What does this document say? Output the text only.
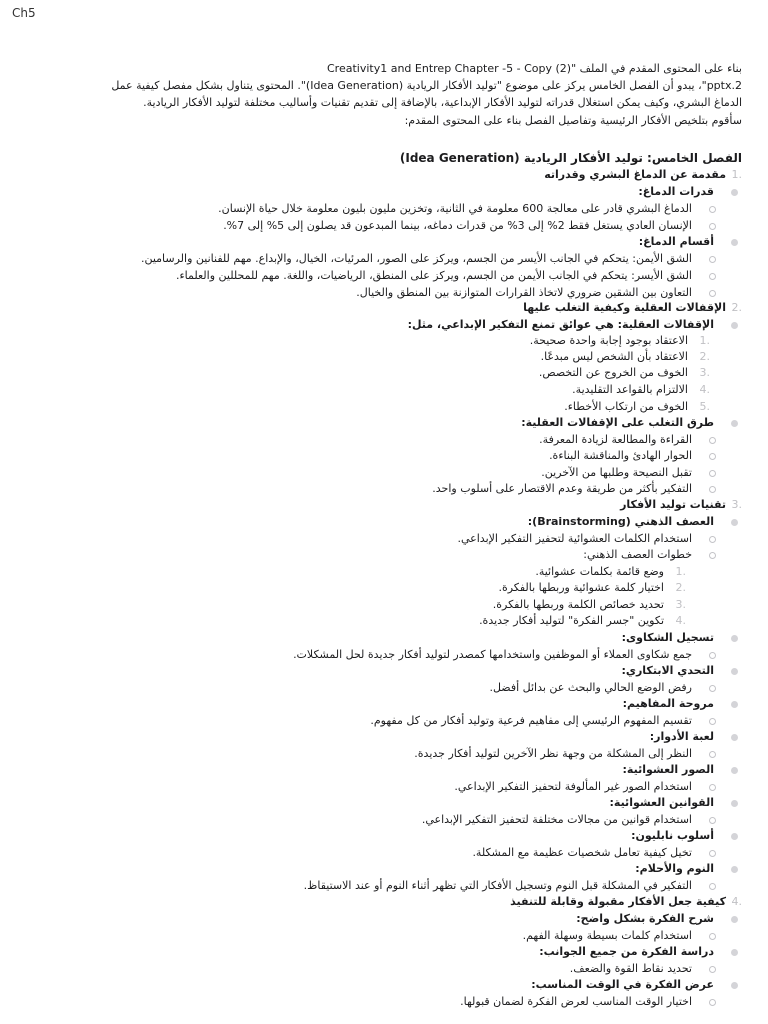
Ch5
بناء على المحتوى المقدم في الملف "Creativity1 and Entrep Chapter -5 - Copy (2)
2.pptx"، يبدو أن الفصل الخامس يركز على موضوع "توليد الأفكار الريادية (Idea Generation)". المحتوى يتناول بشكل مفصل كيفية عمل
الدماغ البشري، وكيف يمكن استغلال قدراته لتوليد الأفكار الإبداعية، بالإضافة إلى تقديم تقنيات وأساليب مختلفة لتوليد الأفكار الريادية.
سأقوم بتلخيص الأفكار الرئيسية وتفاصيل الفصل بناء على المحتوى المقدم:
الفصل الخامس: توليد الأفكار الريادية (Idea Generation)
مقدمة عن الدماغ البشري وقدراته 1.
قدرات الدماغ:
الدماغ البشري قادر على معالجة 600 معلومة في الثانية، وتخزين مليون بليون معلومة خلال حياة الإنسان.
الإنسان العادي يستغل فقط 2% إلى 3% من قدرات دماغه، بينما المبدعون قد يصلون إلى 5% إلى 7%.
أقسام الدماغ:
الشق الأيمن: يتحكم في الجانب الأيسر من الجسم، ويركز على الصور، المرئيات، الخيال، والإبداع. مهم للفنانين والرسامين.
الشق الأيسر: يتحكم في الجانب الأيمن من الجسم، ويركز على المنطق، الرياضيات، واللغة. مهم للمحللين والعلماء.
التعاون بين الشقين ضروري لاتخاذ القرارات المتوازنة بين المنطق والخيال.
الإقفالات العقلية وكيفية التغلب عليها 2.
الإقفالات العقلية: هي عوائق تمنع التفكير الإبداعي، مثل:
1.
الاعتقاد بوجود إجابة واحدة صحيحة.
2.
الاعتقاد بأن الشخص ليس مبدعًا.
3.
الخوف من الخروج عن التخصص.
4.
الالتزام بالقواعد التقليدية.
5.
الخوف من ارتكاب الأخطاء.
طرق التغلب على الإقفالات العقلية:
القراءة والمطالعة لزيادة المعرفة.
الحوار الهادئ والمناقشة البناءة.
تقبل النصيحة وطلبها من الآخرين.
التفكير بأكثر من طريقة وعدم الاقتصار على أسلوب واحد.
تقنيات توليد الأفكار 3.
العصف الذهني (Brainstorming):
استخدام الكلمات العشوائية لتحفيز التفكير الإبداعي.
خطوات العصف الذهني:
1.
وضع قائمة بكلمات عشوائية.
2.
اختيار كلمة عشوائية وربطها بالفكرة.
3.
تحديد خصائص الكلمة وربطها بالفكرة.
4.
تكوين "جسر الفكرة" لتوليد أفكار جديدة.
تسجيل الشكاوى:
جمع شكاوى العملاء أو الموظفين واستخدامها كمصدر لتوليد أفكار جديدة لحل المشكلات.
التحدي الابتكاري:
رفض الوضع الحالي والبحث عن بدائل أفضل.
مروحة المفاهيم:
تقسيم المفهوم الرئيسي إلى مفاهيم فرعية وتوليد أفكار من كل مفهوم.
لعبة الأدوار:
النظر إلى المشكلة من وجهة نظر الآخرين لتوليد أفكار جديدة.
الصور العشوائية:
استخدام الصور غير المألوفة لتحفيز التفكير الإبداعي.
القوانين العشوائية:
استخدام قوانين من مجالات مختلفة لتحفيز التفكير الإبداعي.
أسلوب نابليون:
تخيل كيفية تعامل شخصيات عظيمة مع المشكلة.
النوم والأحلام:
التفكير في المشكلة قبل النوم وتسجيل الأفكار التي تظهر أثناء النوم أو عند الاستيقاظ.
كيفية جعل الأفكار مقبولة وقابلة للتنفيذ 4.
شرح الفكرة بشكل واضح:
استخدام كلمات بسيطة وسهلة الفهم.
دراسة الفكرة من جميع الجوانب:
تحديد نقاط القوة والضعف.
عرض الفكرة في الوقت المناسب:
اختيار الوقت المناسب لعرض الفكرة لضمان قبولها.
